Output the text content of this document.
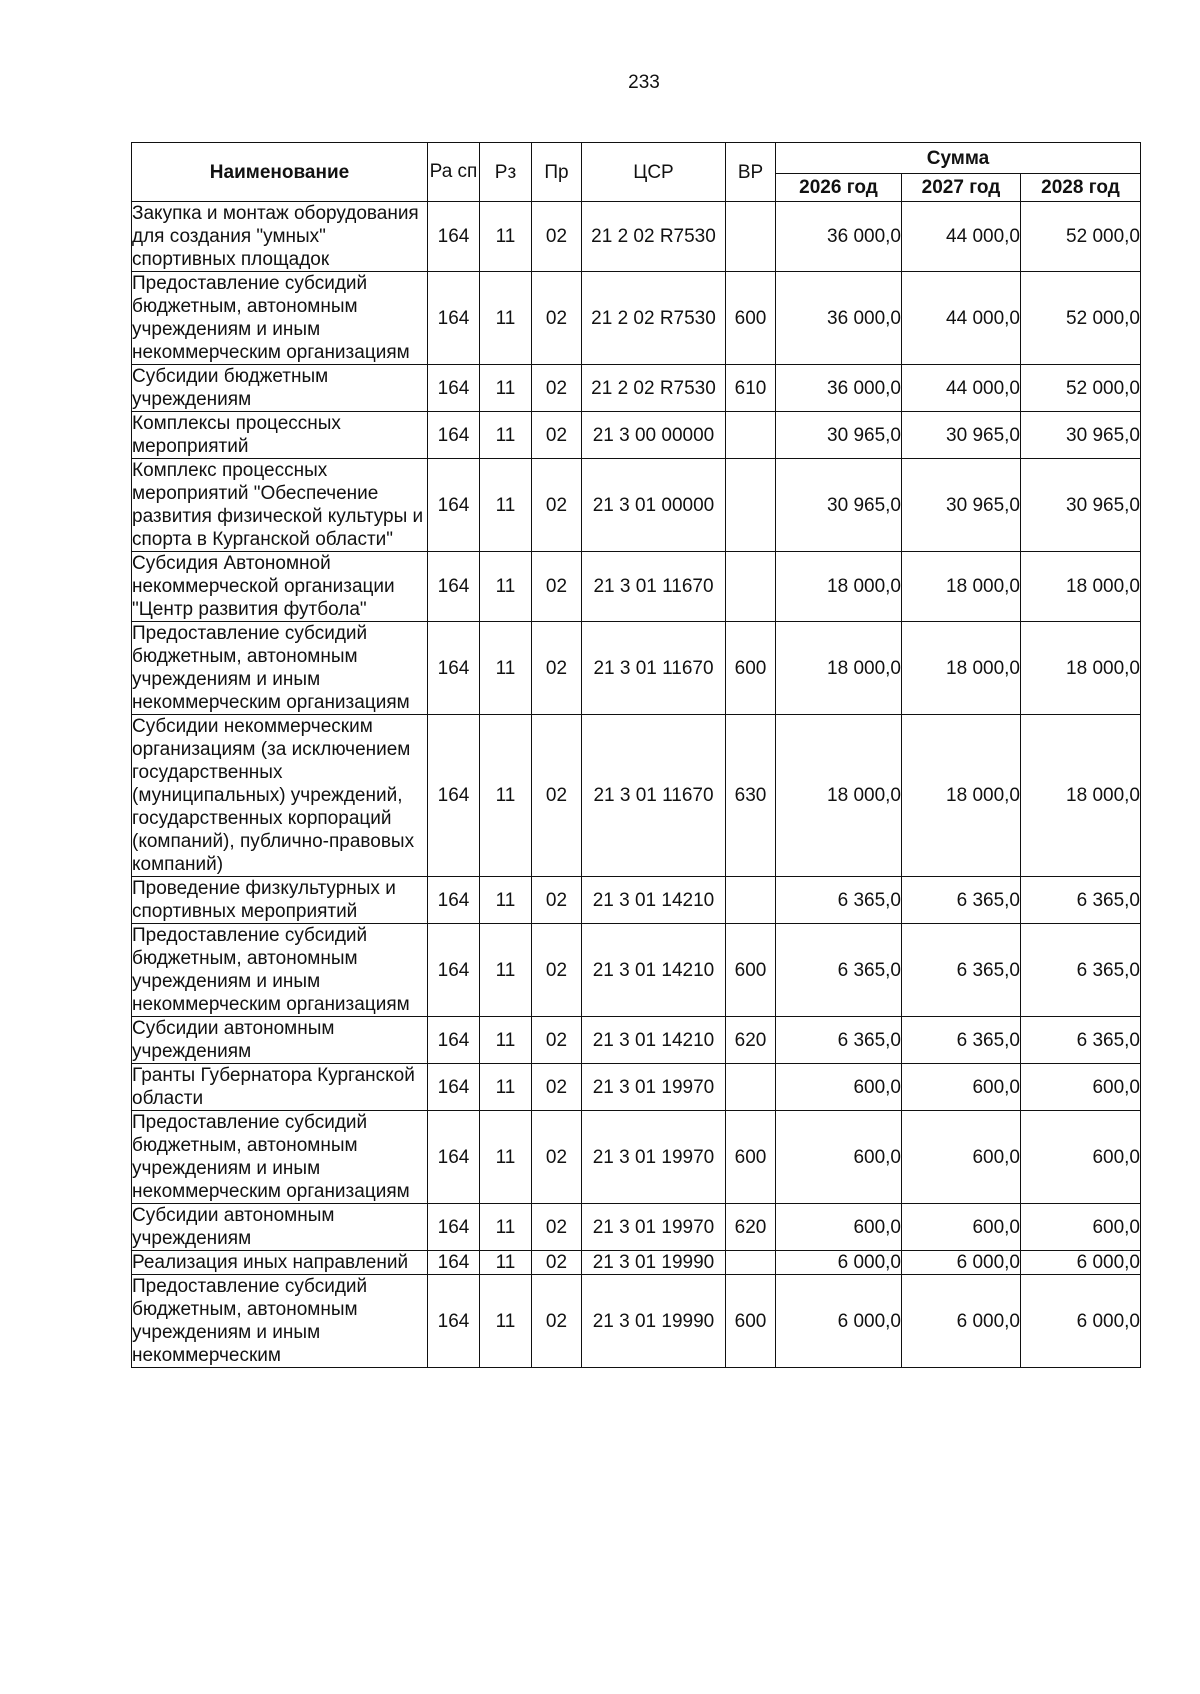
233
Наименование	Ра сп	Рз	Пр	ЦСР	ВР	Сумма		
						2026 год	2027 год	2028 год
Закупка и монтаж оборудования для создания "умных" спортивных площадок	164	11	02	21 2 02 R7530		36 000,0	44 000,0	52 000,0
Предоставление субсидий бюджетным, автономным учреждениям и иным некоммерческим организациям	164	11	02	21 2 02 R7530	600	36 000,0	44 000,0	52 000,0
Субсидии бюджетным учреждениям	164	11	02	21 2 02 R7530	610	36 000,0	44 000,0	52 000,0
Комплексы процессных мероприятий	164	11	02	21 3 00 00000		30 965,0	30 965,0	30 965,0
Комплекс процессных мероприятий "Обеспечение развития физической культуры и спорта в Курганской области"	164	11	02	21 3 01 00000		30 965,0	30 965,0	30 965,0
Субсидия Автономной некоммерческой организации "Центр развития футбола"	164	11	02	21 3 01 11670		18 000,0	18 000,0	18 000,0
Предоставление субсидий бюджетным, автономным учреждениям и иным некоммерческим организациям	164	11	02	21 3 01 11670	600	18 000,0	18 000,0	18 000,0
Субсидии некоммерческим организациям (за исключением государственных (муниципальных) учреждений, государственных корпораций (компаний), публично-правовых компаний)	164	11	02	21 3 01 11670	630	18 000,0	18 000,0	18 000,0
Проведение физкультурных и спортивных мероприятий	164	11	02	21 3 01 14210		6 365,0	6 365,0	6 365,0
Предоставление субсидий бюджетным, автономным учреждениям и иным некоммерческим организациям	164	11	02	21 3 01 14210	600	6 365,0	6 365,0	6 365,0
Субсидии автономным учреждениям	164	11	02	21 3 01 14210	620	6 365,0	6 365,0	6 365,0
Гранты Губернатора Курганской области	164	11	02	21 3 01 19970		600,0	600,0	600,0
Предоставление субсидий бюджетным, автономным учреждениям и иным некоммерческим организациям	164	11	02	21 3 01 19970	600	600,0	600,0	600,0
Субсидии автономным учреждениям	164	11	02	21 3 01 19970	620	600,0	600,0	600,0
Реализация иных направлений	164	11	02	21 3 01 19990		6 000,0	6 000,0	6 000,0
Предоставление субсидий бюджетным, автономным учреждениям и иным некоммерческим	164	11	02	21 3 01 19990	600	6 000,0	6 000,0	6 000,0
